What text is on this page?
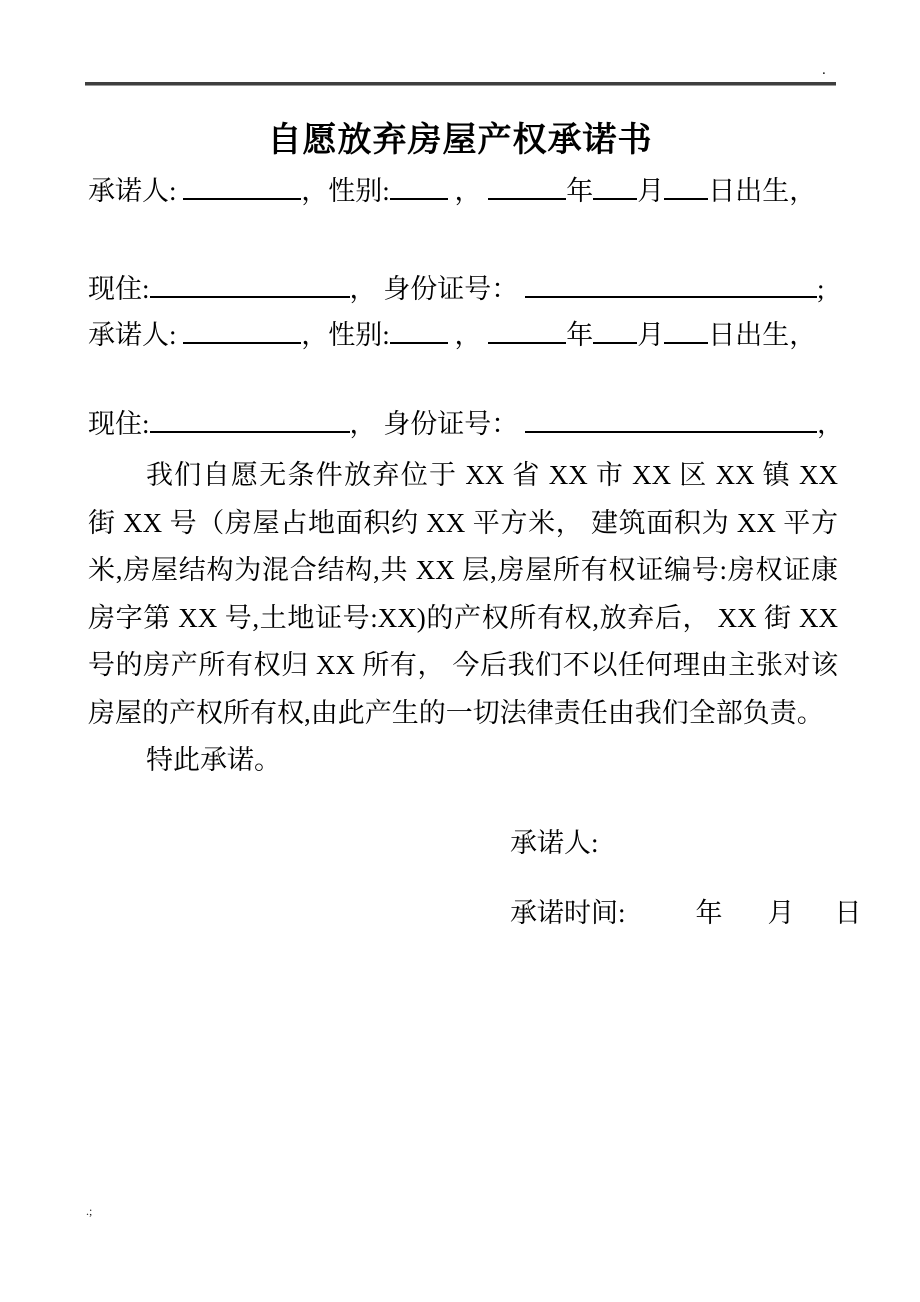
.
自愿放弃房屋产权承诺书

承诺人:	，性别: ，	年 月 日出生，

现住:	， 身份证号：	;

承诺人:	，性别: ，	年 月 日出生，

现住:	， 身份证号：	，

我们自愿无条件放弃位于 XX 省 XX 市 XX 区 XX 镇 XX 街 XX 号（房屋占地面积约 XX 平方米， 建筑面积为 XX 平方米,房屋结构为混合结构,共 XX 层,房屋所有权证编号:房权证康房字第 XX 号,土地证号:XX)的产权所有权,放弃后， XX 街 XX 号的房产所有权归 XX 所有， 今后我们不以任何理由主张对该房屋的产权所有权,由此产生的一切法律责任由我们全部负责。

特此承诺。

承诺人:

承诺时间:	年 月 日

.;
